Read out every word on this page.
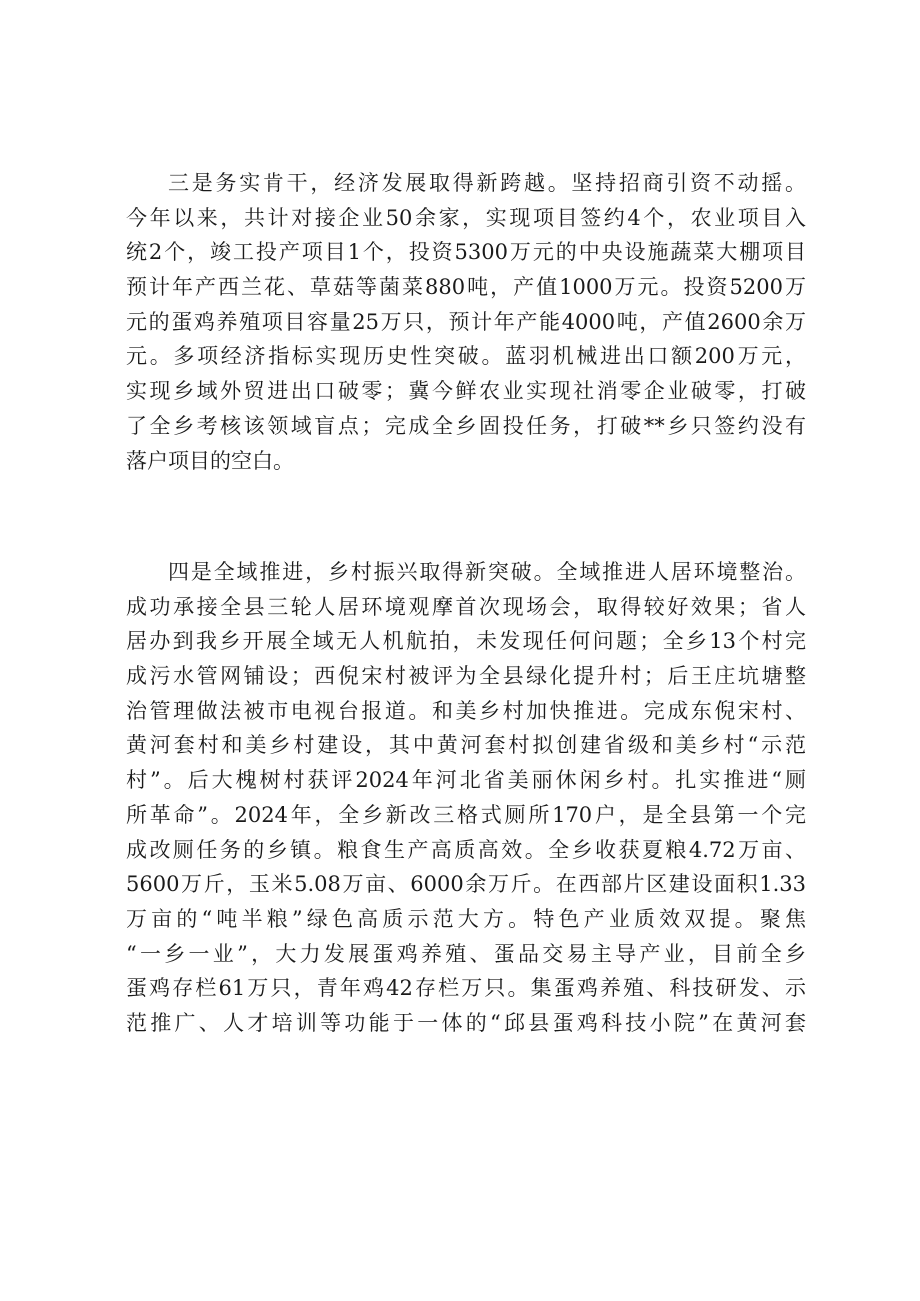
三是务实肯干，经济发展取得新跨越。坚持招商引资不动摇。
今年以来，共计对接企业50余家，实现项目签约4个，农业项目入
统2个，竣工投产项目1个，投资5300万元的中央设施蔬菜大棚项目
预计年产西兰花、草菇等菌菜880吨，产值1000万元。投资5200万
元的蛋鸡养殖项目容量25万只，预计年产能4000吨，产值2600余万
元。多项经济指标实现历史性突破。蓝羽机械进出口额200万元，
实现乡域外贸进出口破零；冀今鲜农业实现社消零企业破零，打破
了全乡考核该领域盲点；完成全乡固投任务，打破**乡只签约没有
落户项目的空白。
四是全域推进，乡村振兴取得新突破。全域推进人居环境整治。
成功承接全县三轮人居环境观摩首次现场会，取得较好效果；省人
居办到我乡开展全域无人机航拍，未发现任何问题；全乡13个村完
成污水管网铺设；西倪宋村被评为全县绿化提升村；后王庄坑塘整
治管理做法被市电视台报道。和美乡村加快推进。完成东倪宋村、
黄河套村和美乡村建设，其中黄河套村拟创建省级和美乡村“示范
村”。后大槐树村获评2024年河北省美丽休闲乡村。扎实推进“厕
所革命”。2024年，全乡新改三格式厕所170户，是全县第一个完
成改厕任务的乡镇。粮食生产高质高效。全乡收获夏粮4.72万亩、
5600万斤，玉米5.08万亩、6000余万斤。在西部片区建设面积1.33
万亩的“吨半粮”绿色高质示范大方。特色产业质效双提。聚焦
“一乡一业”，大力发展蛋鸡养殖、蛋品交易主导产业，目前全乡
蛋鸡存栏61万只，青年鸡42存栏万只。集蛋鸡养殖、科技研发、示
范推广、人才培训等功能于一体的“邱县蛋鸡科技小院”在黄河套
